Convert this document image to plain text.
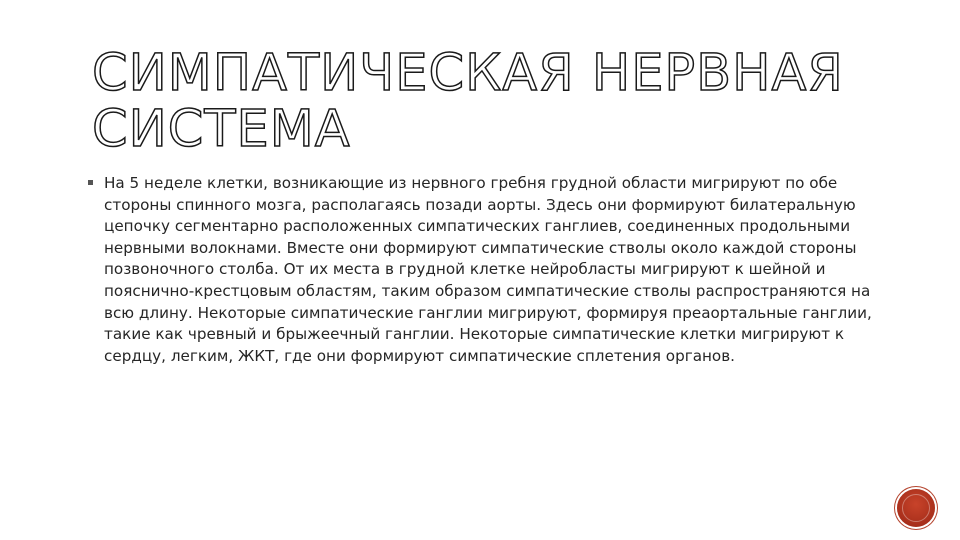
СИМПАТИЧЕСКАЯ НЕРВНАЯ
СИСТЕМА

На 5 неделе клетки, возникающие из нервного гребня грудной области мигрируют по обе стороны спинного мозга, располагаясь позади аорты. Здесь они формируют билатеральную цепочку сегментарно расположенных симпатических ганглиев, соединенных продольными нервными волокнами. Вместе они формируют симпатические стволы около каждой стороны позвоночного столба. От их места в грудной клетке нейробласты мигрируют к шейной и пояснично-крестцовым областям, таким образом симпатические стволы распространяются на всю длину. Некоторые симпатические ганглии мигрируют, формируя преаортальные ганглии, такие как чревный и брыжеечный ганглии. Некоторые симпатические клетки мигрируют к сердцу, легким, ЖКТ, где они формируют симпатические сплетения органов.
